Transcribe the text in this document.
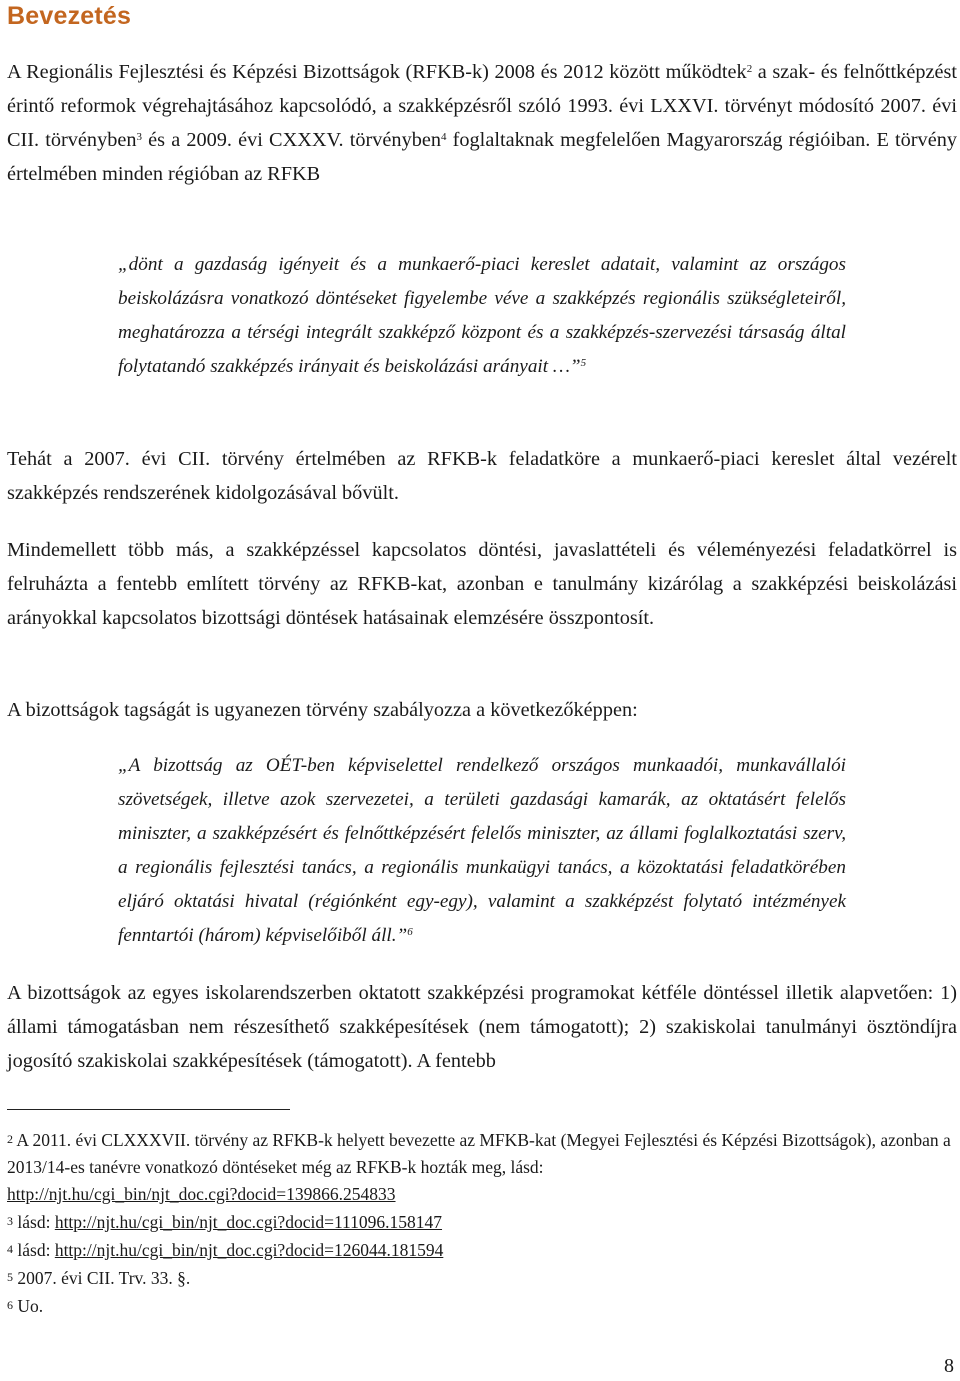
Bevezetés

A Regionális Fejlesztési és Képzési Bizottságok (RFKB-k) 2008 és 2012 között működtek$^2$ a szak- és felnőttképzést érintő reformok végrehajtásához kapcsolódó, a szakképzésről szóló 1993. évi LXXVI. törvényt módosító 2007. évi CII. törvényben$^3$ és a 2009. évi CXXXV. törvényben$^4$ foglaltaknak megfelelően Magyarország régióiban. E törvény értelmében minden régióban az RFKB

„dönt a gazdaság igényeit és a munkaerő-piaci kereslet adatait, valamint az országos beiskolázásra vonatkozó döntéseket figyelembe véve a szakképzés regionális szükségleteiről, meghatározza a térségi integrált szakképző központ és a szakképzés-szervezési társaság által folytatandó szakképzés irányait és beiskolázási arányait …”$^5$

Tehát a 2007. évi CII. törvény értelmében az RFKB-k feladatköre a munkaerő-piaci kereslet által vezérelt szakképzés rendszerének kidolgozásával bővült.

Mindemellett több más, a szakképzéssel kapcsolatos döntési, javaslattételi és véleményezési feladatkörrel is felruházta a fentebb említett törvény az RFKB-kat, azonban e tanulmány kizárólag a szakképzési beiskolázási arányokkal kapcsolatos bizottsági döntések hatásainak elemzésére összpontosít.

A bizottságok tagságát is ugyanezen törvény szabályozza a következőképpen:

„A bizottság az OÉT-ben képviselettel rendelkező országos munkaadói, munkavállalói szövetségek, illetve azok szervezetei, a területi gazdasági kamarák, az oktatásért felelős miniszter, a szakképzésért és felnőttképzésért felelős miniszter, az állami foglalkoztatási szerv, a regionális fejlesztési tanács, a regionális munkaügyi tanács, a közoktatási feladatkörében eljáró oktatási hivatal (régiónként egy-egy), valamint a szakképzést folytató intézmények fenntartói (három) képviselőiből áll.”$^6$

A bizottságok az egyes iskolarendszerben oktatott szakképzési programokat kétféle döntéssel illetik alapvetően: 1) állami támogatásban nem részesíthető szakképesítések (nem támogatott); 2) szakiskolai tanulmányi ösztöndíjra jogosító szakiskolai szakképesítések (támogatott). A fentebb

2 A 2011. évi CLXXXVII. törvény az RFKB-k helyett bevezette az MFKB-kat (Megyei Fejlesztési és Képzési Bizottságok), azonban a 2013/14-es tanévre vonatkozó döntéseket még az RFKB-k hozták meg, lásd:
http://njt.hu/cgi_bin/njt_doc.cgi?docid=139866.254833

3 lásd: http://njt.hu/cgi_bin/njt_doc.cgi?docid=111096.158147

4 lásd: http://njt.hu/cgi_bin/njt_doc.cgi?docid=126044.181594

5 2007. évi CII. Trv. 33. §.

6 Uo.

8
